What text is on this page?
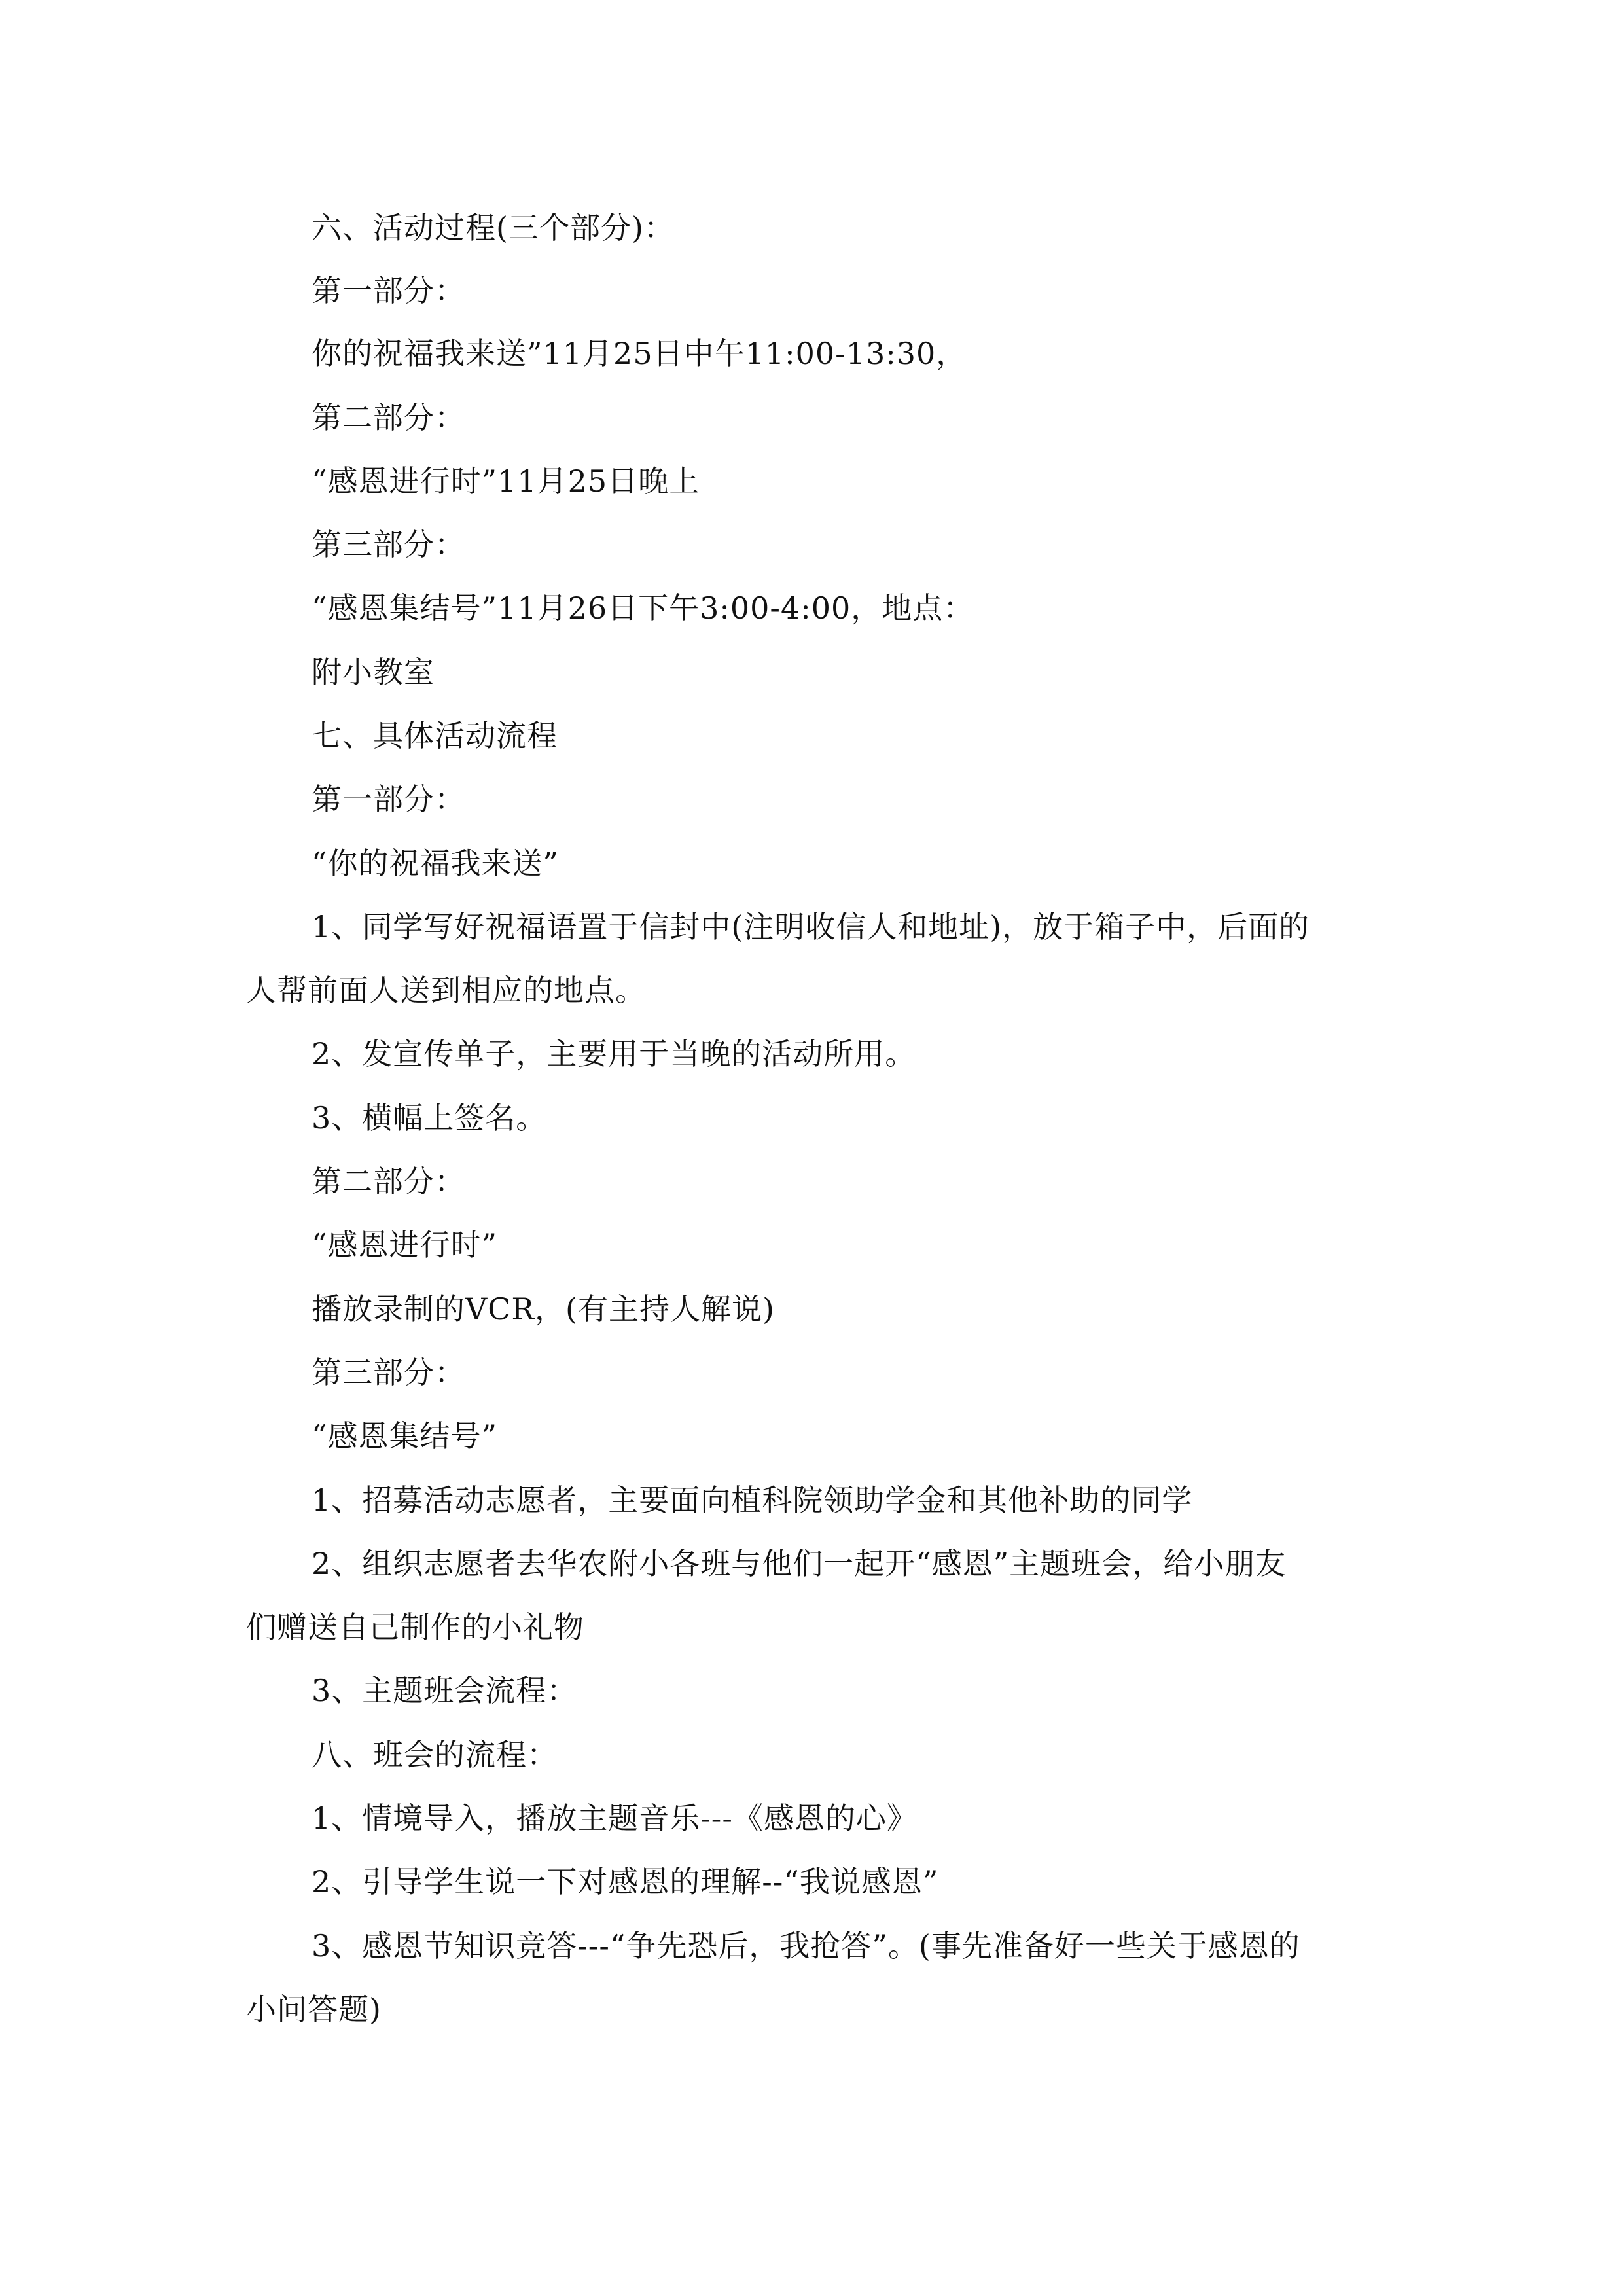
六、活动过程(三个部分)：
第一部分：
你的祝福我来送”11月25日中午11:00-13:30，
第二部分：
“感恩进行时”11月25日晚上
第三部分：
“感恩集结号”11月26日下午3:00-4:00，地点：
附小教室
七、具体活动流程
第一部分：
“你的祝福我来送”
1、同学写好祝福语置于信封中(注明收信人和地址)，放于箱子中，后面的
人帮前面人送到相应的地点。
2、发宣传单子，主要用于当晚的活动所用。
3、横幅上签名。
第二部分：
“感恩进行时”
播放录制的VCR，(有主持人解说)
第三部分：
“感恩集结号”
1、招募活动志愿者，主要面向植科院领助学金和其他补助的同学
2、组织志愿者去华农附小各班与他们一起开“感恩”主题班会，给小朋友
们赠送自己制作的小礼物
3、主题班会流程：
八、班会的流程：
1、情境导入，播放主题音乐---《感恩的心》
2、引导学生说一下对感恩的理解--“我说感恩”
3、感恩节知识竞答---“争先恐后，我抢答”。(事先准备好一些关于感恩的
小问答题)
